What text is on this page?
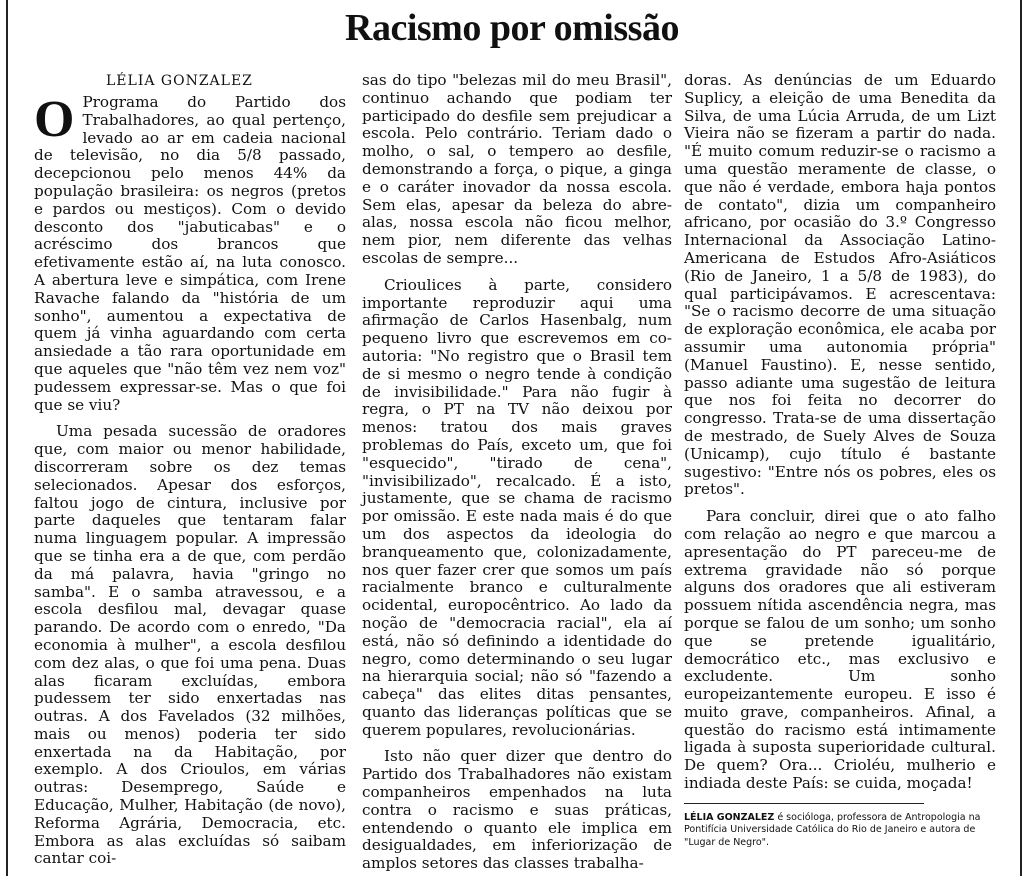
Racismo por omissão
LÉLIA GONZALEZ

O Programa do Partido dos Trabalhadores, ao qual pertenço, levado ao ar em cadeia nacional de televisão, no dia 5/8 passado, decepcionou pelo menos 44% da população brasileira: os negros (pretos e pardos ou mestiços). Com o devido desconto dos "jabuticabas" e o acréscimo dos brancos que efetivamente estão aí, na luta conosco. A abertura leve e simpática, com Irene Ravache falando da "história de um sonho", aumentou a expectativa de quem já vinha aguardando com certa ansiedade a tão rara oportunidade em que aqueles que "não têm vez nem voz" pudessem expressar-se. Mas o que foi que se viu?

Uma pesada sucessão de oradores que, com maior ou menor habilidade, discorreram sobre os dez temas selecionados. Apesar dos esforços, faltou jogo de cintura, inclusive por parte daqueles que tentaram falar numa linguagem popular. A impressão que se tinha era a de que, com perdão da má palavra, havia "gringo no samba". E o samba atravessou, e a escola desfilou mal, devagar quase parando. De acordo com o enredo, "Da economia à mulher", a escola desfilou com dez alas, o que foi uma pena. Duas alas ficaram excluídas, embora pudessem ter sido enxertadas nas outras. A dos Favelados (32 milhões, mais ou menos) poderia ter sido enxertada na da Habitação, por exemplo. A dos Crioulos, em várias outras: Desemprego, Saúde e Educação, Mulher, Habitação (de novo), Reforma Agrária, Democracia, etc. Embora as alas excluídas só saibam cantar coi-

sas do tipo "belezas mil do meu Brasil", continuo achando que podiam ter participado do desfile sem prejudicar a escola. Pelo contrário. Teriam dado o molho, o sal, o tempero ao desfile, demonstrando a força, o pique, a ginga e o caráter inovador da nossa escola. Sem elas, apesar da beleza do abre-alas, nossa escola não ficou melhor, nem pior, nem diferente das velhas escolas de sempre...

Crioulices à parte, considero importante reproduzir aqui uma afirmação de Carlos Hasenbalg, num pequeno livro que escrevemos em co-autoria: "No registro que o Brasil tem de si mesmo o negro tende à condição de invisibilidade." Para não fugir à regra, o PT na TV não deixou por menos: tratou dos mais graves problemas do País, exceto um, que foi "esquecido", "tirado de cena", "invisibilizado", recalcado. É a isto, justamente, que se chama de racismo por omissão. E este nada mais é do que um dos aspectos da ideologia do branqueamento que, colonizadamente, nos quer fazer crer que somos um país racialmente branco e culturalmente ocidental, europocêntrico. Ao lado da noção de "democracia racial", ela aí está, não só definindo a identidade do negro, como determinando o seu lugar na hierarquia social; não só "fazendo a cabeça" das elites ditas pensantes, quanto das lideranças políticas que se querem populares, revolucionárias.

Isto não quer dizer que dentro do Partido dos Trabalhadores não existam companheiros empenhados na luta contra o racismo e suas práticas, entendendo o quanto ele implica em desigualdades, em inferiorização de amplos setores das classes trabalha-

doras. As denúncias de um Eduardo Suplicy, a eleição de uma Benedita da Silva, de uma Lúcia Arruda, de um Lizt Vieira não se fizeram a partir do nada. "É muito comum reduzir-se o racismo a uma questão meramente de classe, o que não é verdade, embora haja pontos de contato", dizia um companheiro africano, por ocasião do 3.º Congresso Internacional da Associação Latino-Americana de Estudos Afro-Asiáticos (Rio de Janeiro, 1 a 5/8 de 1983), do qual participávamos. E acrescentava: "Se o racismo decorre de uma situação de exploração econômica, ele acaba por assumir uma autonomia própria" (Manuel Faustino). E, nesse sentido, passo adiante uma sugestão de leitura que nos foi feita no decorrer do congresso. Trata-se de uma dissertação de mestrado, de Suely Alves de Souza (Unicamp), cujo título é bastante sugestivo: "Entre nós os pobres, eles os pretos".

Para concluir, direi que o ato falho com relação ao negro e que marcou a apresentação do PT pareceu-me de extrema gravidade não só porque alguns dos oradores que ali estiveram possuem nítida ascendência negra, mas porque se falou de um sonho; um sonho que se pretende igualitário, democrático etc., mas exclusivo e excludente. Um sonho europeizantemente europeu. E isso é muito grave, companheiros. Afinal, a questão do racismo está intimamente ligada à suposta superioridade cultural. De quem? Ora... Crioléu, mulherio e indiada deste País: se cuida, moçada!

LÉLIA GONZALEZ é socióloga, professora de Antropologia na Pontifícia Universidade Católica do Rio de Janeiro e autora de "Lugar de Negro".
